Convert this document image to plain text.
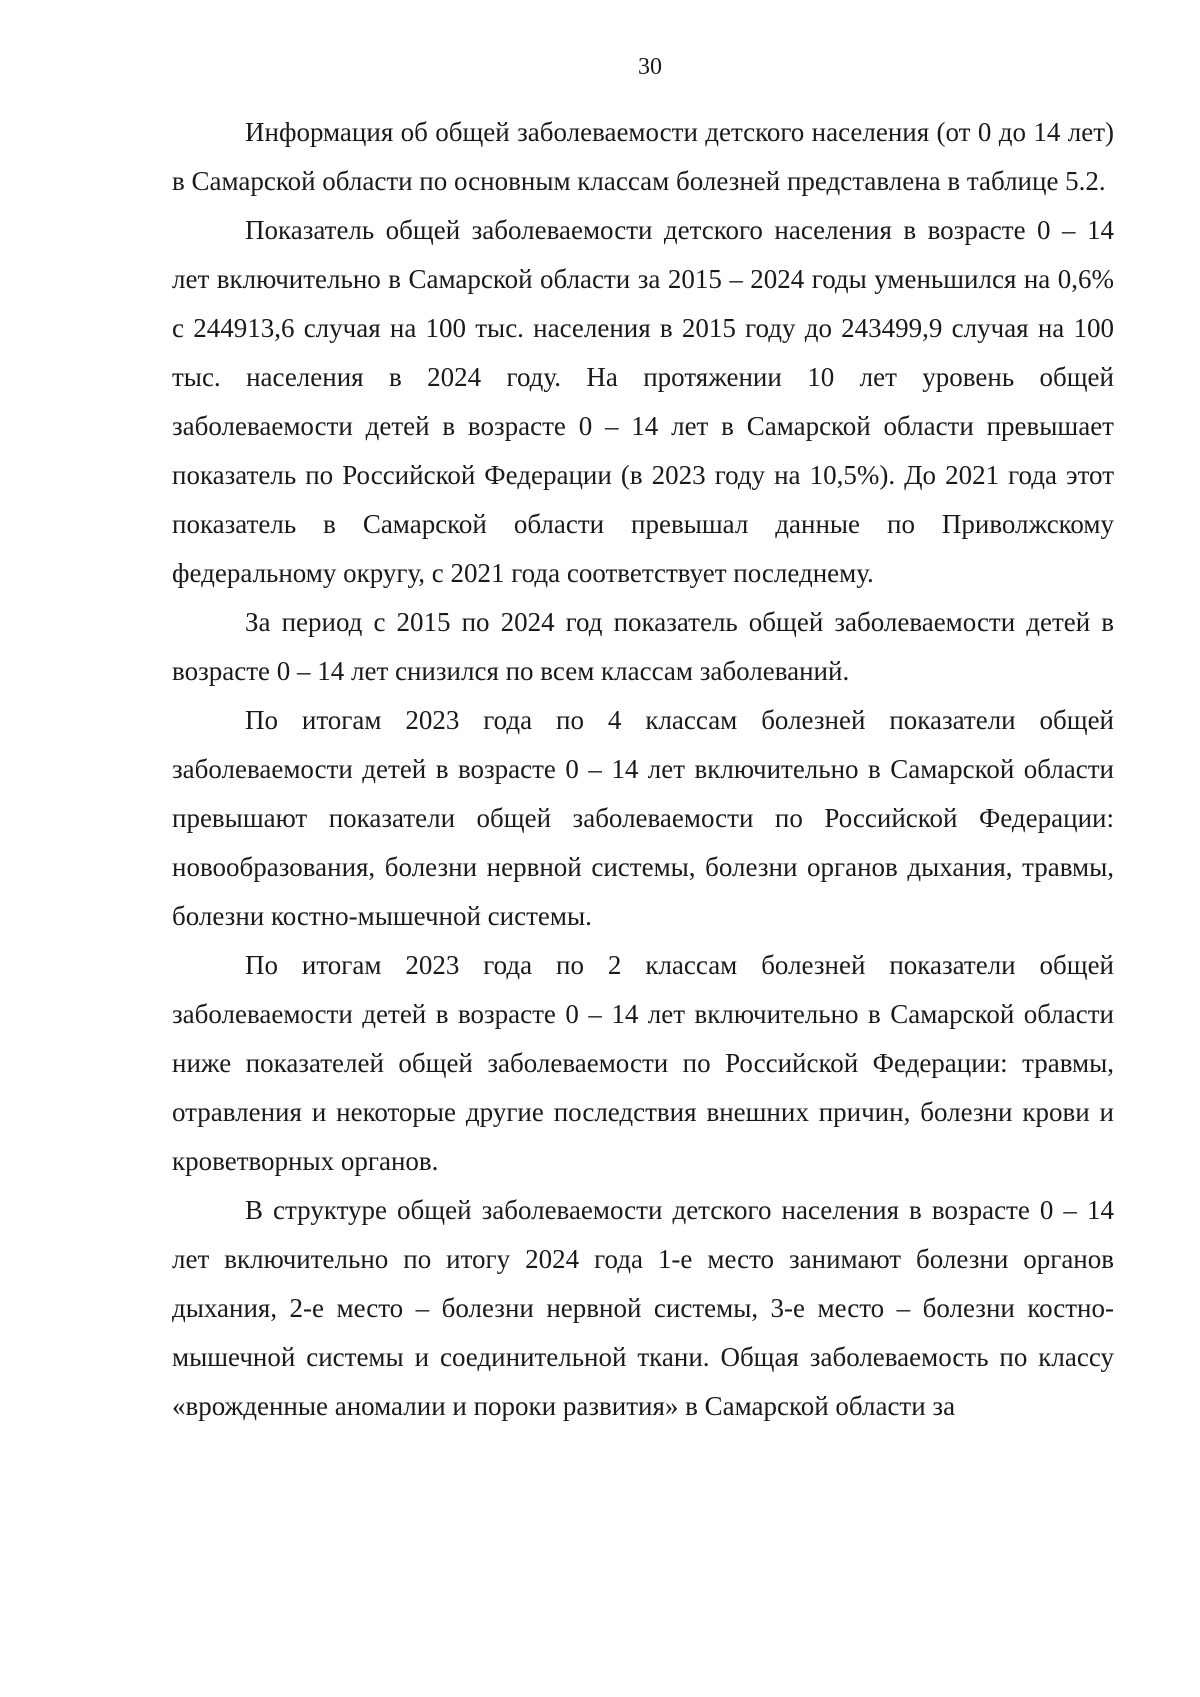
30

Информация об общей заболеваемости детского населения (от 0 до 14 лет) в Самарской области по основным классам болезней представлена в таблице 5.2.

Показатель общей заболеваемости детского населения в возрасте 0 – 14 лет включительно в Самарской области за 2015 – 2024 годы уменьшился на 0,6% с 244913,6 случая на 100 тыс. населения в 2015 году до 243499,9 случая на 100 тыс. населения в 2024 году. На протяжении 10 лет уровень общей заболеваемости детей в возрасте 0 – 14 лет в Самарской области превышает показатель по Российской Федерации (в 2023 году на 10,5%). До 2021 года этот показатель в Самарской области превышал данные по Приволжскому федеральному округу, с 2021 года соответствует последнему.

За период с 2015 по 2024 год показатель общей заболеваемости детей в возрасте 0 – 14 лет снизился по всем классам заболеваний.

По итогам 2023 года по 4 классам болезней показатели общей заболеваемости детей в возрасте 0 – 14 лет включительно в Самарской области превышают показатели общей заболеваемости по Российской Федерации: новообразования, болезни нервной системы, болезни органов дыхания, травмы, болезни костно-мышечной системы.

По итогам 2023 года по 2 классам болезней показатели общей заболеваемости детей в возрасте 0 – 14 лет включительно в Самарской области ниже показателей общей заболеваемости по Российской Федерации: травмы, отравления и некоторые другие последствия внешних причин, болезни крови и кроветворных органов.

В структуре общей заболеваемости детского населения в возрасте 0 – 14 лет включительно по итогу 2024 года 1-е место занимают болезни органов дыхания, 2-е место – болезни нервной системы, 3-е место – болезни костно-мышечной системы и соединительной ткани. Общая заболеваемость по классу «врожденные аномалии и пороки развития» в Самарской области за
